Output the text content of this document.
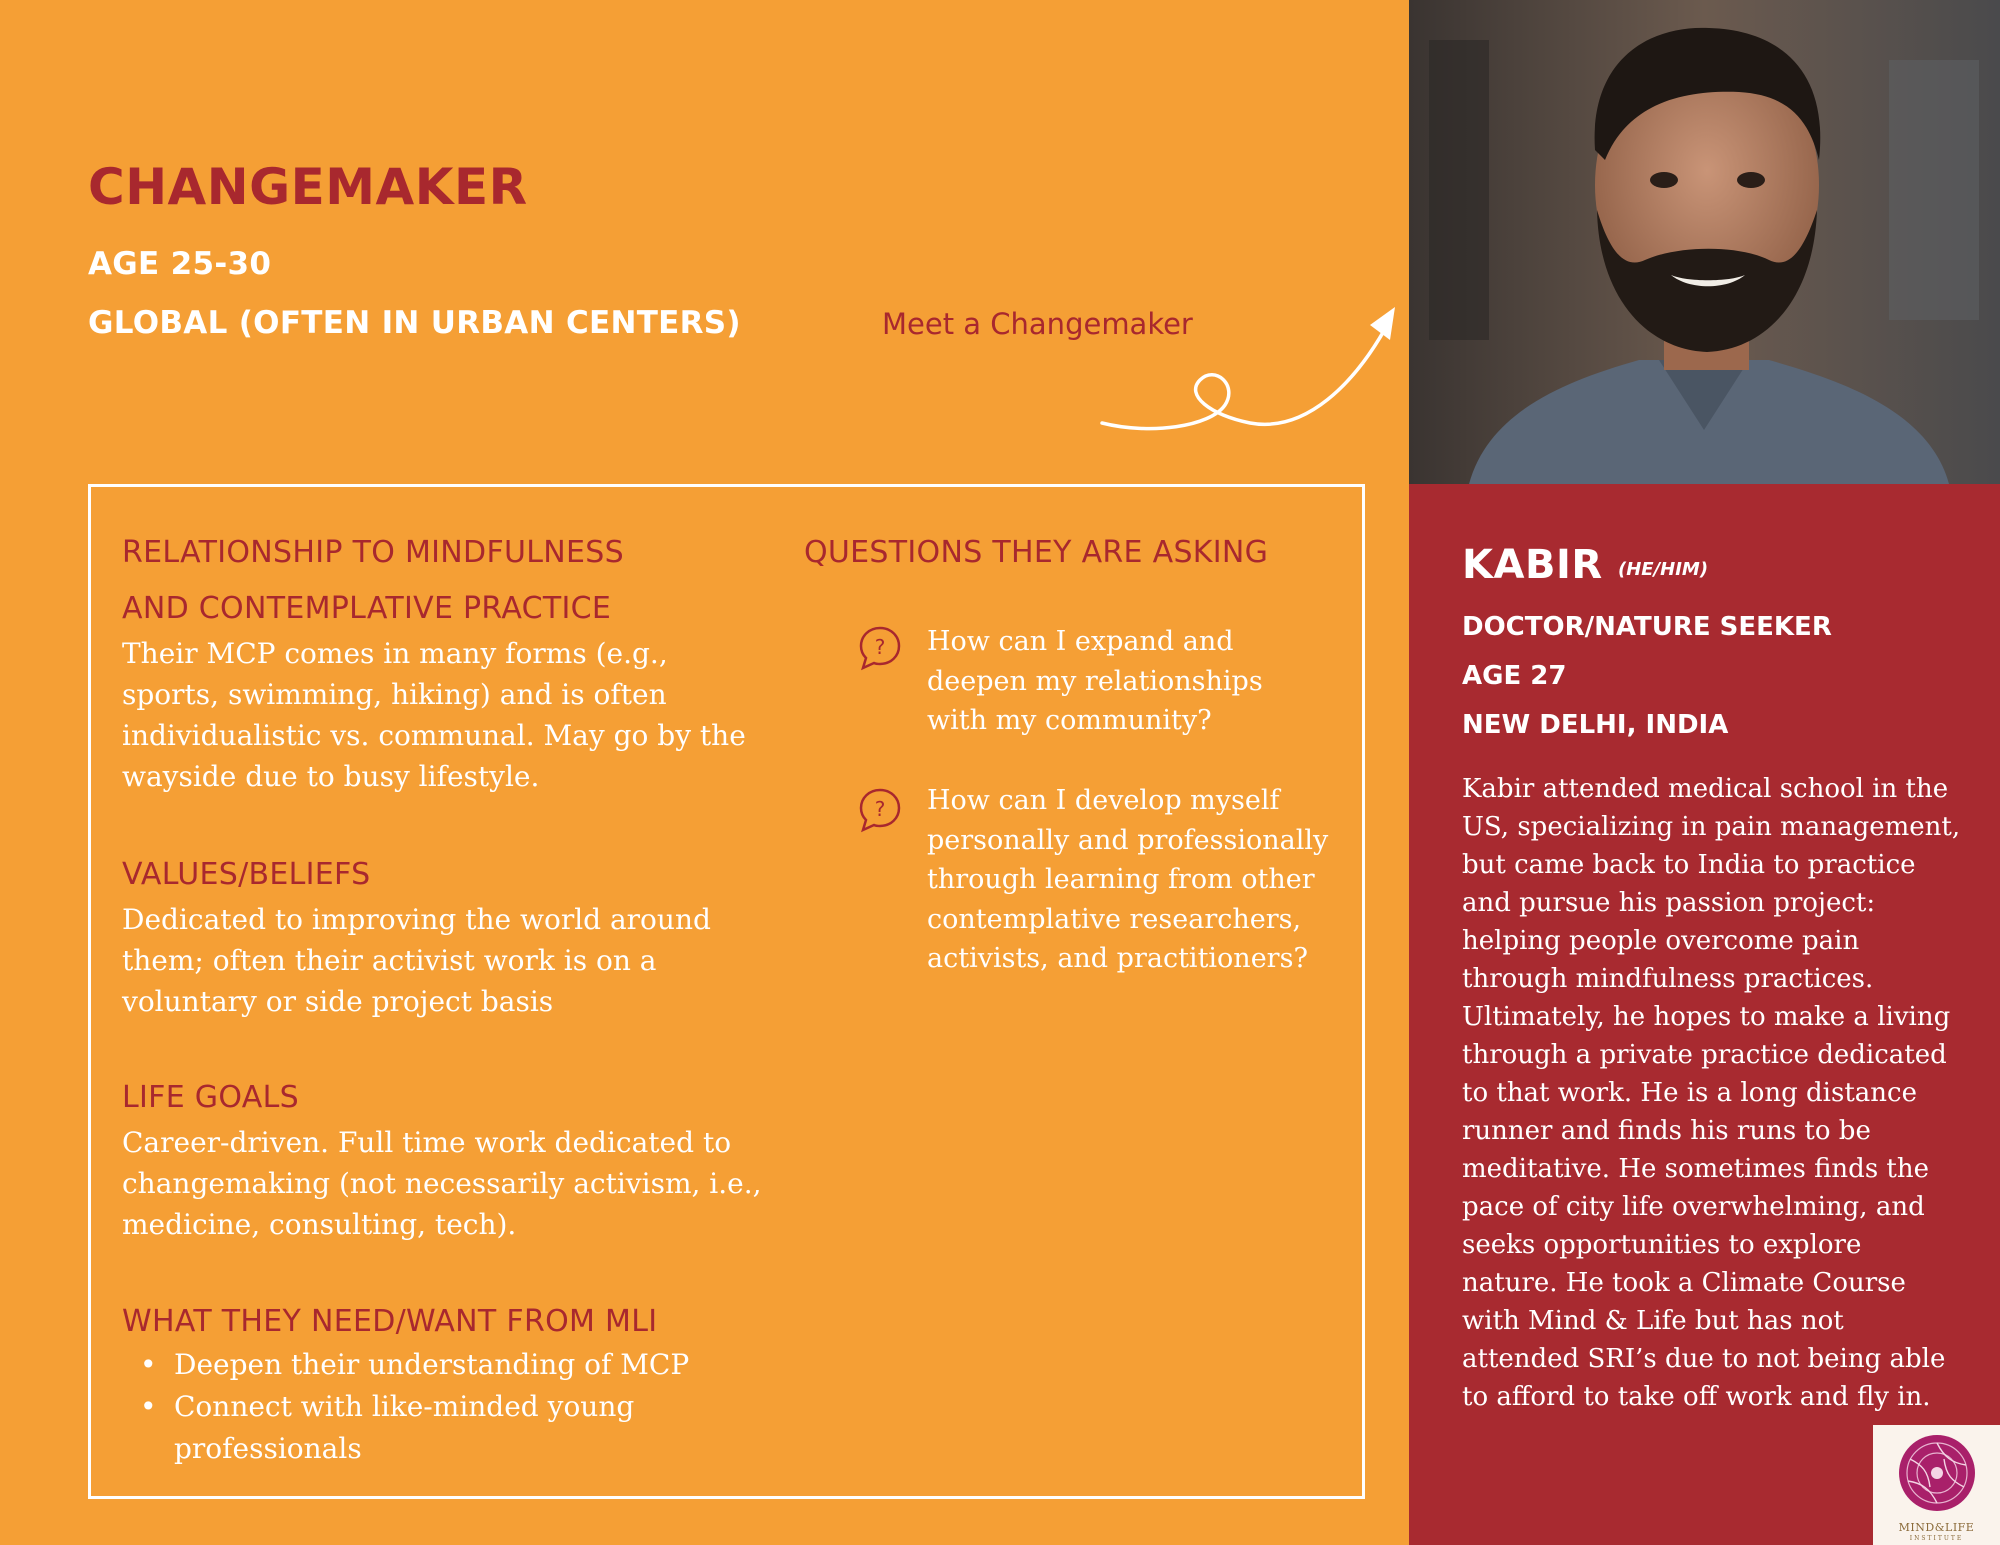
CHANGEMAKER
AGE 25-30
GLOBAL (OFTEN IN URBAN CENTERS)	Meet a Changemaker
RELATIONSHIP TO MINDFULNESS
AND CONTEMPLATIVE PRACTICE
Their MCP comes in many forms (e.g., sports, swimming, hiking) and is often individualistic vs. communal. May go by the wayside due to busy lifestyle.
VALUES/BELIEFS
Dedicated to improving the world around them; often their activist work is on a voluntary or side project basis
LIFE GOALS
Career-driven. Full time work dedicated to changemaking (not necessarily activism, i.e., medicine, consulting, tech).
WHAT THEY NEED/WANT FROM MLI
• Deepen their understanding of MCP
• Connect with like-minded young professionals
QUESTIONS THEY ARE ASKING
? How can I expand and deepen my relationships with my community?
? How can I develop myself personally and professionally through learning from other contemplative researchers, activists, and practitioners?
KABIR (HE/HIM)
DOCTOR/NATURE SEEKER
AGE 27
NEW DELHI, INDIA
Kabir attended medical school in the US, specializing in pain management, but came back to India to practice and pursue his passion project: helping people overcome pain through mindfulness practices. Ultimately, he hopes to make a living through a private practice dedicated to that work. He is a long distance runner and finds his runs to be meditative. He sometimes finds the pace of city life overwhelming, and seeks opportunities to explore nature. He took a Climate Course with Mind & Life but has not attended SRI’s due to not being able to afford to take off work and fly in.
MIND&LIFE
INSTITUTE
